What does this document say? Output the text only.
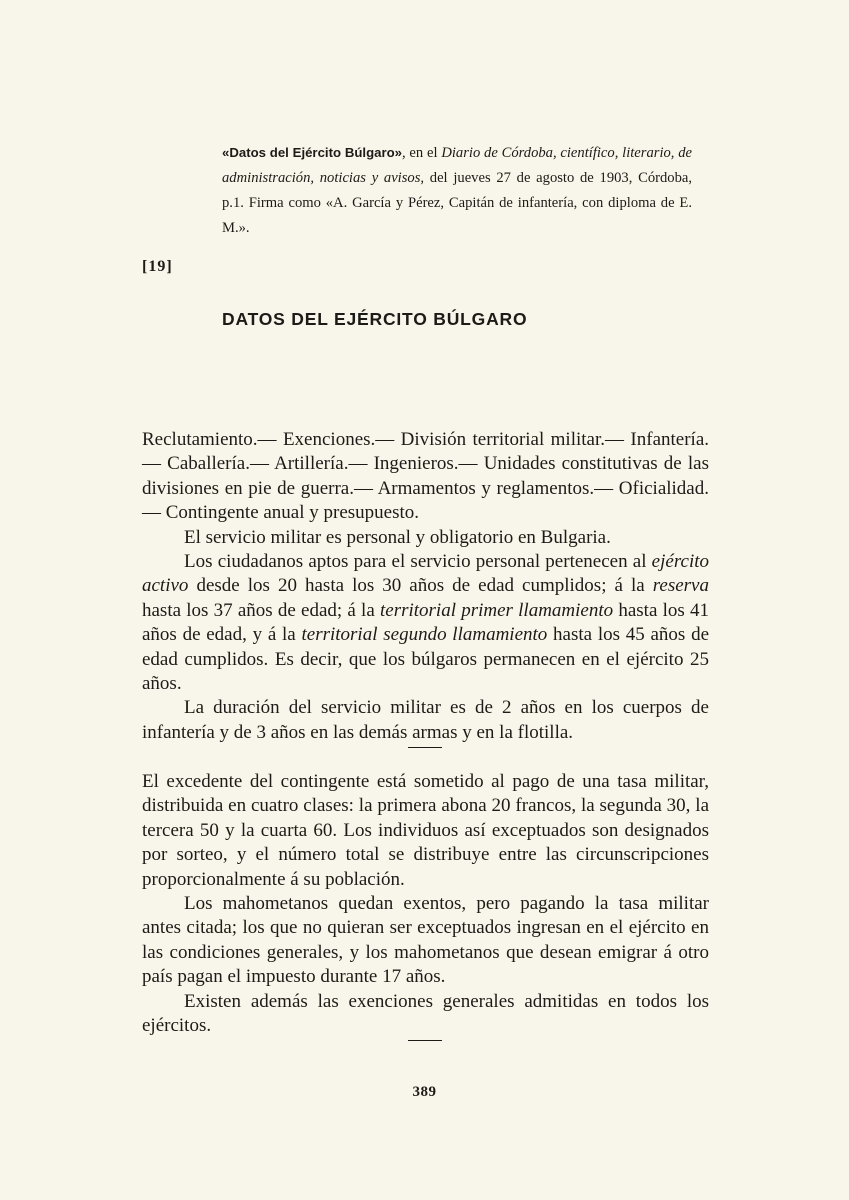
«Datos del Ejército Búlgaro», en el Diario de Córdoba, científico, literario, de administración, noticias y avisos, del jueves 27 de agosto de 1903, Córdoba, p.1. Firma como «A. García y Pérez, Capitán de infantería, con diploma de E. M.».
[19]
DATOS DEL EJÉRCITO BÚLGARO

Reclutamiento.— Exenciones.— División territorial militar.— Infantería.— Caballería.— Artillería.— Ingenieros.— Unidades constitutivas de las divisiones en pie de guerra.— Armamentos y reglamentos.— Oficialidad.— Contingente anual y presupuesto.

El servicio militar es personal y obligatorio en Bulgaria.

Los ciudadanos aptos para el servicio personal pertenecen al ejército activo desde los 20 hasta los 30 años de edad cumplidos; á la reserva hasta los 37 años de edad; á la territorial primer llamamiento hasta los 41 años de edad, y á la territorial segundo llamamiento hasta los 45 años de edad cumplidos. Es decir, que los búlgaros permanecen en el ejército 25 años.

La duración del servicio militar es de 2 años en los cuerpos de infantería y de 3 años en las demás armas y en la flotilla.

El excedente del contingente está sometido al pago de una tasa militar, distribuida en cuatro clases: la primera abona 20 francos, la segunda 30, la tercera 50 y la cuarta 60. Los individuos así exceptuados son designados por sorteo, y el número total se distribuye entre las circunscripciones proporcionalmente á su población.

Los mahometanos quedan exentos, pero pagando la tasa militar antes citada; los que no quieran ser exceptuados ingresan en el ejército en las condiciones generales, y los mahometanos que desean emigrar á otro país pagan el impuesto durante 17 años.

Existen además las exenciones generales admitidas en todos los ejércitos.

389
